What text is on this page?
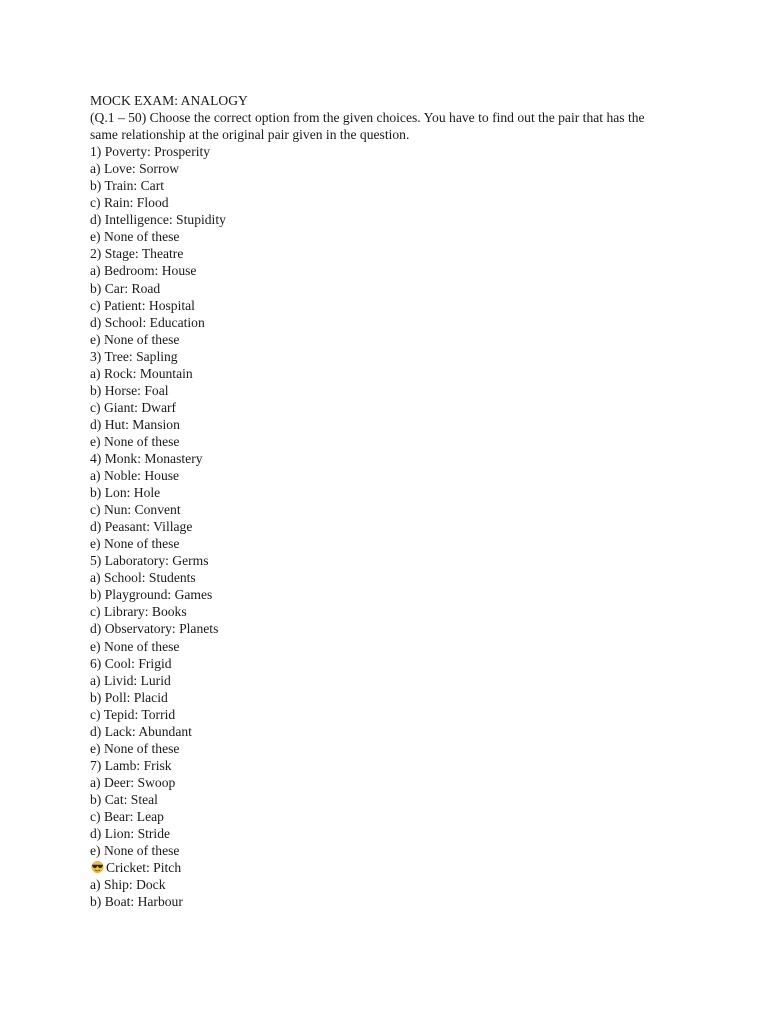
MOCK EXAM: ANALOGY
(Q.1 – 50) Choose the correct option from the given choices. You have to find out the pair that has the same relationship at the original pair given in the question.
1) Poverty: Prosperity
a) Love: Sorrow
b) Train: Cart
c) Rain: Flood
d) Intelligence: Stupidity
e) None of these
2) Stage: Theatre
a) Bedroom: House
b) Car: Road
c) Patient: Hospital
d) School: Education
e) None of these
3) Tree: Sapling
a) Rock: Mountain
b) Horse: Foal
c) Giant: Dwarf
d) Hut: Mansion
e) None of these
4) Monk: Monastery
a) Noble: House
b) Lon: Hole
c) Nun: Convent
d) Peasant: Village
e) None of these
5) Laboratory: Germs
a) School: Students
b) Playground: Games
c) Library: Books
d) Observatory: Planets
e) None of these
6) Cool: Frigid
a) Livid: Lurid
b) Poll: Placid
c) Tepid: Torrid
d) Lack: Abundant
e) None of these
7) Lamb: Frisk
a) Deer: Swoop
b) Cat: Steal
c) Bear: Leap
d) Lion: Stride
e) None of these
Cricket: Pitch
a) Ship: Dock
b) Boat: Harbour
